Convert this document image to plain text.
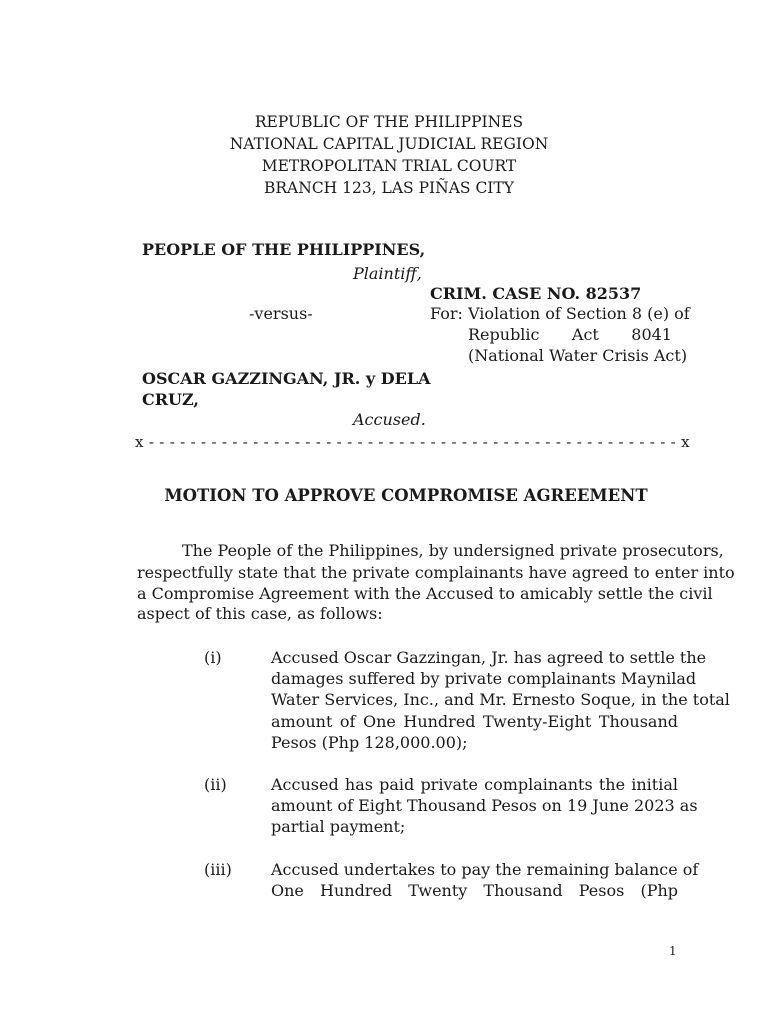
REPUBLIC OF THE PHILIPPINES
NATIONAL CAPITAL JUDICIAL REGION
METROPOLITAN TRIAL COURT
BRANCH 123, LAS PIÑAS CITY
PEOPLE OF THE PHILIPPINES,
Plaintiff,
CRIM. CASE NO. 82537
-versus-	For: Violation of Section 8 (e) of
Republic Act 8041
(National Water Crisis Act)
OSCAR GAZZINGAN, JR. y DELA
CRUZ,
Accused.
x - - - - - - - - - - - - - - - - - - - - - - - - - - - - - - - - - - - - - - - - - - - - - - - - - - - x
MOTION TO APPROVE COMPROMISE AGREEMENT
The People of the Philippines, by undersigned private prosecutors,
respectfully state that the private complainants have agreed to enter into
a Compromise Agreement with the Accused to amicably settle the civil
aspect of this case, as follows:
(i)	Accused Oscar Gazzingan, Jr. has agreed to settle the
damages suffered by private complainants Maynilad
Water Services, Inc., and Mr. Ernesto Soque, in the total
amount of One Hundred Twenty-Eight Thousand
Pesos (Php 128,000.00);
(ii)	Accused has paid private complainants the initial
amount of Eight Thousand Pesos on 19 June 2023 as
partial payment;
(iii) Accused undertakes to pay the remaining balance of
One Hundred Twenty Thousand Pesos (Php
1
